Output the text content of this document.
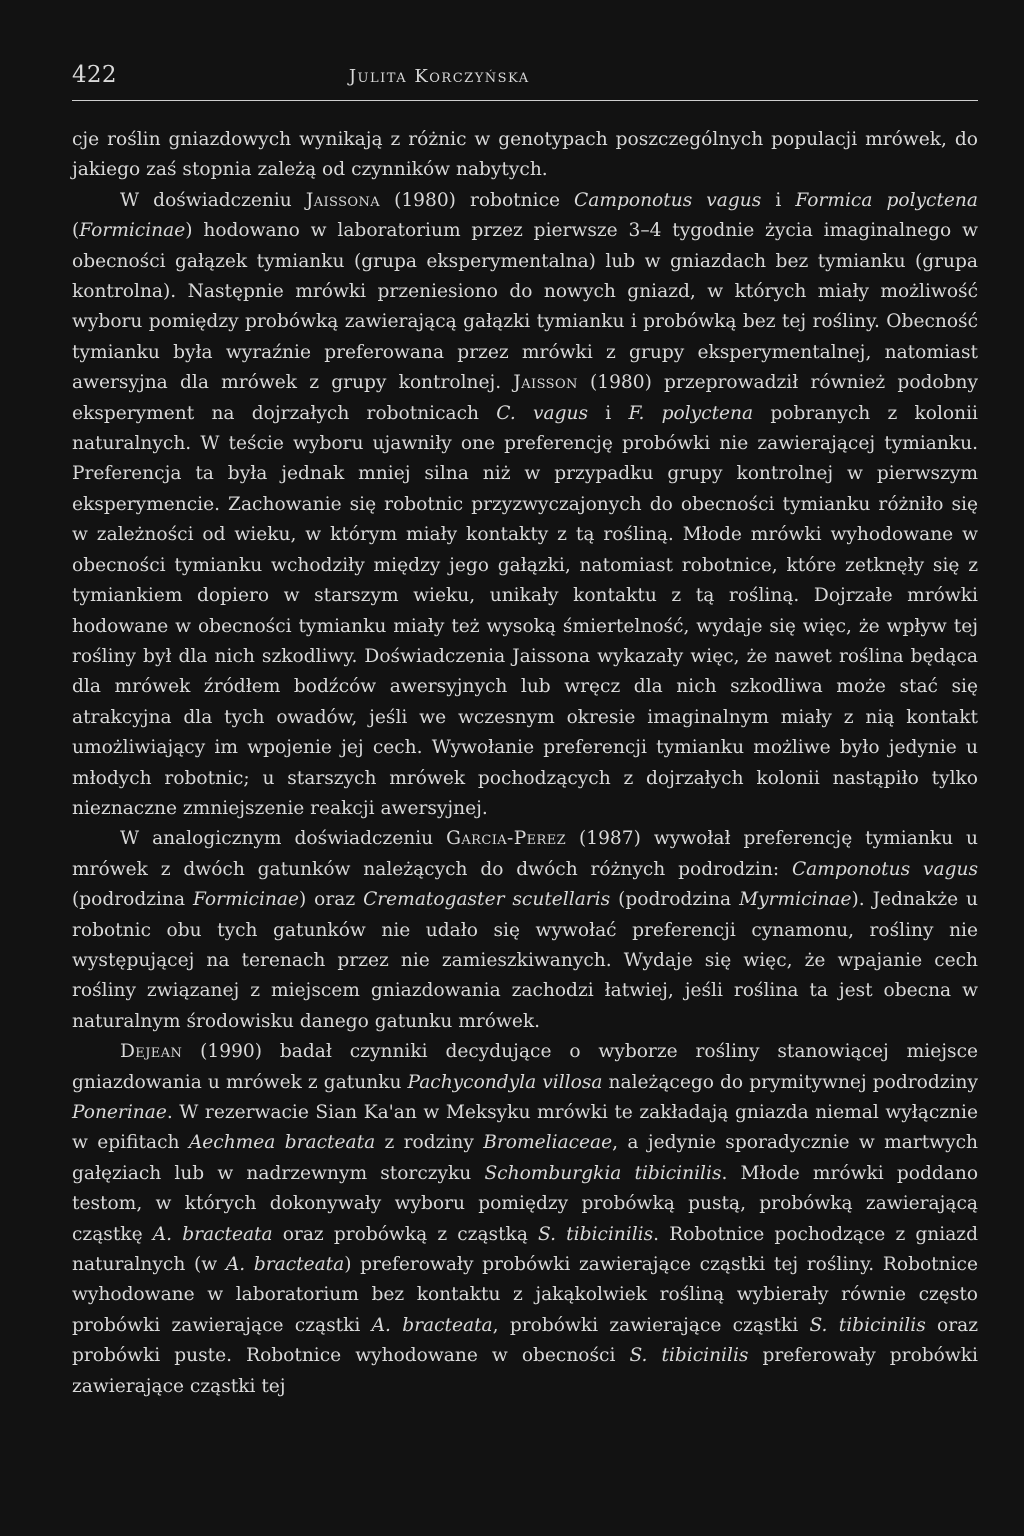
422	Julita Korczyńska

cje roślin gniazdowych wynikają z różnic w genotypach poszczególnych populacji mrówek, do jakiego zaś stopnia zależą od czynników nabytych.

W doświadczeniu Jaissona (1980) robotnice Camponotus vagus i Formica polyctena (Formicinae) hodowano w laboratorium przez pierwsze 3–4 tygodnie życia imaginalnego w obecności gałązek tymianku (grupa eksperymentalna) lub w gniazdach bez tymianku (grupa kontrolna). Następnie mrówki przeniesiono do nowych gniazd, w których miały możliwość wyboru pomiędzy probówką zawierającą gałązki tymianku i probówką bez tej rośliny. Obecność tymianku była wyraźnie preferowana przez mrówki z grupy eksperymentalnej, natomiast awersyjna dla mrówek z grupy kontrolnej. Jaisson (1980) przeprowadził również podobny eksperyment na dojrzałych robotnicach C. vagus i F. polyctena pobranych z kolonii naturalnych. W teście wyboru ujawniły one preferencję probówki nie zawierającej tymianku. Preferencja ta była jednak mniej silna niż w przypadku grupy kontrolnej w pierwszym eksperymencie. Zachowanie się robotnic przyzwyczajonych do obecności tymianku różniło się w zależności od wieku, w którym miały kontakty z tą rośliną. Młode mrówki wyhodowane w obecności tymianku wchodziły między jego gałązki, natomiast robotnice, które zetknęły się z tymiankiem dopiero w starszym wieku, unikały kontaktu z tą rośliną. Dojrzałe mrówki hodowane w obecności tymianku miały też wysoką śmiertelność, wydaje się więc, że wpływ tej rośliny był dla nich szkodliwy. Doświadczenia Jaissona wykazały więc, że nawet roślina będąca dla mrówek źródłem bodźców awersyjnych lub wręcz dla nich szkodliwa może stać się atrakcyjna dla tych owadów, jeśli we wczesnym okresie imaginalnym miały z nią kontakt umożliwiający im wpojenie jej cech. Wywołanie preferencji tymianku możliwe było jedynie u młodych robotnic; u starszych mrówek pochodzących z dojrzałych kolonii nastąpiło tylko nieznaczne zmniejszenie reakcji awersyjnej.

W analogicznym doświadczeniu Garcia-Perez (1987) wywołał preferencję tymianku u mrówek z dwóch gatunków należących do dwóch różnych podrodzin: Camponotus vagus (podrodzina Formicinae) oraz Crematogaster scutellaris (podrodzina Myrmicinae). Jednakże u robotnic obu tych gatunków nie udało się wywołać preferencji cynamonu, rośliny nie występującej na terenach przez nie zamieszkiwanych. Wydaje się więc, że wpajanie cech rośliny związanej z miejscem gniazdowania zachodzi łatwiej, jeśli roślina ta jest obecna w naturalnym środowisku danego gatunku mrówek.

Dejean (1990) badał czynniki decydujące o wyborze rośliny stanowiącej miejsce gniazdowania u mrówek z gatunku Pachycondyla villosa należącego do prymitywnej podrodziny Ponerinae. W rezerwacie Sian Ka'an w Meksyku mrówki te zakładają gniazda niemal wyłącznie w epifitach Aechmea bracteata z rodziny Bromeliaceae, a jedynie sporadycznie w martwych gałęziach lub w nadrzewnym storczyku Schomburgkia tibicinilis. Młode mrówki poddano testom, w których dokonywały wyboru pomiędzy probówką pustą, probówką zawierającą cząstkę A. bracteata oraz probówką z cząstką S. tibicinilis. Robotnice pochodzące z gniazd naturalnych (w A. bracteata) preferowały probówki zawierające cząstki tej rośliny. Robotnice wyhodowane w laboratorium bez kontaktu z jakąkolwiek rośliną wybierały równie często probówki zawierające cząstki A. bracteata, probówki zawierające cząstki S. tibicinilis oraz probówki puste. Robotnice wyhodowane w obecności S. tibicinilis preferowały probówki zawierające cząstki tej
